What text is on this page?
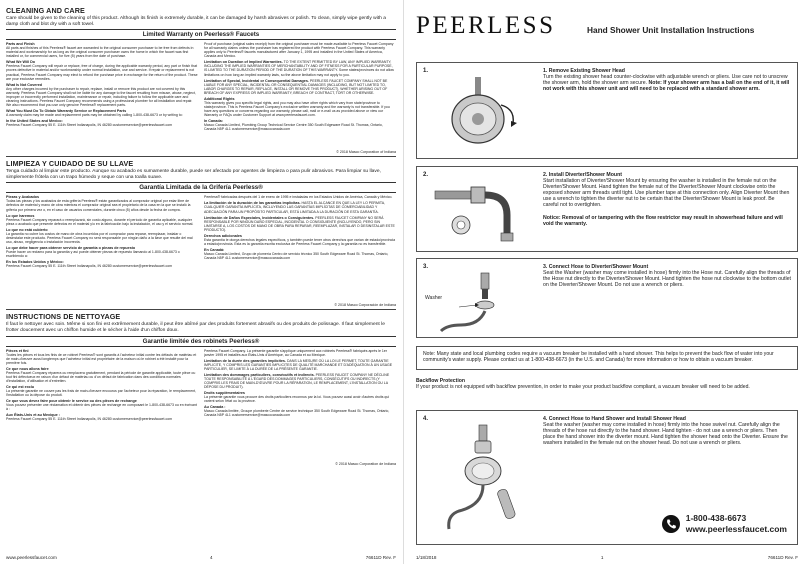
CLEANING AND CARE
Care should be given to the cleaning of this product. Although its finish is extremely durable, it can be damaged by harsh abrasives or polish. To clean, simply wipe gently with a damp cloth and blot dry with a soft towel.
Limited Warranty on Peerless® Faucets

Parts and Finish
All parts and finishes of this Peerless® faucet are warranted to the original consumer purchaser to be free from defects in material and workmanship for as long as the original consumer purchaser owns the home in which the faucet was first installed or, for commercial users, for five (5) years from the date of purchase.

What We Will Do
Peerless Faucet Company will repair or replace, free of charge, during the applicable warranty period, any part or finish that proves defective in material and/or workmanship under normal installation, use and service. If repair or replacement is not practical, Peerless Faucet Company may elect to refund the purchase price in exchange for the return of the product. These are your exclusive remedies.

What Is Not Covered
Any other charges incurred by the purchaser to repair, replace, install or remove this product are not covered by this warranty. Peerless Faucet Company shall not be liable for any damage to the faucet resulting from misuse, abuse, neglect, improper or incorrectly performed installation, maintenance or repair, including failure to follow the applicable care and cleaning instructions. Peerless Faucet Company recommends using a professional plumber for all installation and repair. We also recommend that you use only genuine Peerless® replacement parts.

What You Must Do To Obtain Warranty Service or Replacement Parts
A warranty claim may be made and replacement parts may be obtained by calling 1-800-438-6673 or by writing to:

In the United States and Mexico:
Peerless Faucet Company 55 E. 111th Street Indianapolis, IN 46280 customerservice@peerlessfaucet.com

Proof of purchase (original sales receipt) from the original purchaser must be made available to Peerless Faucet Company for all warranty claims unless the purchaser has registered the product with Peerless Faucet Company. This warranty applies only to Peerless® faucets manufactured after January 1, 1995 and installed in the United States of America, Canada and Mexico.

Limitation on Duration of Implied Warranties. TO THE EXTENT PERMITTED BY LAW, ANY IMPLIED WARRANTY, INCLUDING THE IMPLIED WARRANTIES OF MERCHANTABILITY AND OF FITNESS FOR A PARTICULAR PURPOSE, IS LIMITED TO THE DURATION PERIOD OF THE DURATION OF THIS WARRANTY. Some states/provinces do not allow limitations on how long an implied warranty lasts, so the above limitation may not apply to you.

Limitation of Special, Incidental or Consequential Damages. PEERLESS FAUCET COMPANY SHALL NOT BE LIABLE FOR ANY SPECIAL, INCIDENTAL OR CONSEQUENTIAL DAMAGES (INCLUDING, BUT NOT LIMITED TO, LABOR CHARGES TO REPAIR, REPLACE, INSTALL OR REMOVE THIS PRODUCT), WHETHER ARISING OUT OF BREACH OF ANY EXPRESS OR IMPLIED WARRANTY, BREACH OF CONTRACT, TORT OR OTHERWISE.

Additional Rights
This warranty gives you specific legal rights, and you may also have other rights which vary from state/province to state/province. This is Peerless Faucet Company's exclusive written warranty and the warranty is not transferable. If you have any questions or concerns regarding our warranty, please call, mail or e-mail us as provided above or view our Warranty or FAQs under Customer Support at www.peerlessfaucet.com.

In Canada:
Masco Canada Limited, Plumbing Group Technical Service Centre 350 South Edgeware Road St. Thomas, Ontario, Canada N5P 4L1 customerservice@mascocanada.com

© 2018 Masco Corporation of Indiana
LIMPIEZA Y CUIDADO DE SU LLAVE
Tenga cuidado al limpiar este producto. Aunque su acabado es sumamente durable, puede ser afectado por agentes de limpieza o para pulir abrasivos. Para limpiar su llave, simplemente frótela con un trapo húmedo y seque con una toalla suave.
Garantía Limitada de la Grifería Peerless®

Piezas y Acabados
Todas las piezas y los acabados de esta grifería Peerless® están garantizados al comprador original por estar libre de defectos de material y mano de obra mientras el comprador original sea el propietario de la casa en la que se instaló la grifería por primera vez o, en el caso de usuarios comerciales, durante cinco (5) años desde la fecha de compra.

Lo que haremos
Peerless Faucet Company reparará o reemplazará, sin costo alguno, durante el período de garantía aplicable, cualquier pieza o acabado que presente defectos en el material y/o en la fabricación bajo la instalación, el uso y el servicio normal.

Lo que no está cubierto
La garantía no cubre los costos de mano de obra incurridos por el comprador para reparar, reemplazar, instalar o desinstalar este producto. Peerless Faucet Company no será responsable por ningún daño a la llave que resulte del mal uso, abuso, negligencia o instalación incorrecta.

Lo que debe hacer para obtener servicio de garantía o piezas de repuesto
Puede hacer un reclamo para la garantía y así puede obtener piezas de repuesto llamando al 1-800-438-6673 o escribiendo a:

En los Estados Unidos y México:
Peerless Faucet Company 55 E. 111th Street Indianapolis, IN 46280 customerservice@peerlessfaucet.com

Peerless® fabricadas después del 1 de enero de 1995 e instaladas en los Estados Unidos de América, Canadá y México.

La limitación de la duración de las garantías implícitas. HASTA EL ALCANCE EN QUE LA LEY LO PERMITA, CUALQUIER GARANTÍA IMPLÍCITA, INCLUYENDO LAS GARANTÍAS IMPLÍCITAS DE COMERCIABILIDAD Y ADECUACIÓN PARA UN PROPÓSITO PARTICULAR, ESTÁ LIMITADA A LA DURACIÓN DE ESTA GARANTÍA.

Limitación de Daños Especiales, Incidentales o Consiguientes. PEERLESS FAUCET COMPANY NO SERÁ RESPONSABLE POR NINGÚN DAÑO ESPECIAL, INCIDENTAL O CONSIGUIENTE (INCLUYENDO, PERO SIN LIMITARSE A, LOS COSTOS DE MANO DE OBRA PARA REPARAR, REEMPLAZAR, INSTALAR O DESINSTALAR ESTE PRODUCTO).

Derechos adicionales
Esta garantía le otorga derechos legales específicos, y también puede tener otros derechos que varían de estado/provincia a estado/provincia. Esta es la garantía escrita exclusiva de Peerless Faucet Company y la garantía no es transferible.

En Canadá:
Masco Canada Limited, Grupo de plomería Centro de servicio técnico 350 South Edgeware Road St. Thomas, Ontario, Canada N5P 4L1 customerservice@mascocanada.com

© 2018 Masco Corporación de Indiana
INSTRUCTIONS DE NETTOYAGE
Il faut le nettoyer avec soin. Même si son fini est extrêmement durable, il peut être abîmé par des produits fortement abrasifs ou des produits de polissage. Il faut simplement le frotter doucement avec un chiffon humide et le sécher à l'aide d'un chiffon doux.
Garantie limitée des robinets Peerless®

Pièces et fini
Toutes les pièces et tous les finis de ce robinet Peerless® sont garantis à l'acheteur initial contre les défauts de matériau et de main-d'œuvre aussi longtemps que l'acheteur initial est propriétaire de la maison où le robinet a été installé pour la première fois.

Ce que nous allons faire
Peerless Faucet Company réparera ou remplacera gratuitement, pendant la période de garantie applicable, toute pièce ou tout fini défectueux en raison d'un défaut de matériau ou d'un défaut de fabrication dans des conditions normales d'installation, d'utilisation et d'entretien.

Ce qui est exclu
La présente garantie ne couvre pas les frais de main-d'œuvre encourus par l'acheteur pour la réparation, le remplacement, l'installation ou la dépose du produit.

Ce que vous devez faire pour obtenir le service ou des pièces de rechange
Vous pouvez présenter une réclamation et obtenir des pièces de rechange en composant le 1-800-438-6673 ou en écrivant à :

Aux États-Unis et au Mexique :
Peerless Faucet Company 55 E. 111th Street Indianapolis, IN 46280 customerservice@peerlessfaucet.com

Peerless Faucet Company. La présente garantie s'applique uniquement aux robinets Peerless® fabriqués après le 1er janvier 1995 et installés aux États-Unis d'Amérique, au Canada et au Mexique.

Limitation de la durée des garanties implicites. DANS LA MESURE OÙ LA LOI LE PERMET, TOUTE GARANTIE IMPLICITE, Y COMPRIS LES GARANTIES IMPLICITES DE QUALITÉ MARCHANDE ET D'ADÉQUATION À UN USAGE PARTICULIER, SE LIMITE À LA DURÉE DE LA PRÉSENTE GARANTIE.

Limitation des dommages particuliers, consécutifs et indirects. PEERLESS FAUCET COMPANY NE DÉCLINE TOUTE RESPONSABILITÉ À L'ÉGARD DES DOMMAGES PARTICULIERS, CONSÉCUTIFS OU INDIRECTS (Y COMPRIS LES FRAIS DE MAIN-D'ŒUVRE POUR LA RÉPARATION, LE REMPLACEMENT, L'INSTALLATION OU LA DÉPOSE DU PRODUIT).

Droits supplémentaires
La présente garantie vous procure des droits particuliers reconnus par la loi. Vous pouvez aussi avoir d'autres droits qui varient selon l'état ou la province.

Au Canada :
Masco Canada limitée, Groupe plomberie Centre de service technique 350 South Edgeware Road St. Thomas, Ontario, Canada N5P 4L1 customerservice@mascocanada.com

© 2018 Masco Corporation de Indiana
www.peerlessfaucet.com	4	76611D Rev. F
PEERLESS	Hand Shower Unit Installation Instructions
1.	1. Remove Existing Shower Head
Turn the existing shower head counter-clockwise with adjustable wrench or pliers. Use care not to unscrew the shower arm, hold the shower arm secure. Note: If your shower arm has a ball on the end of it, it will not work with this shower unit and will need to be replaced with a standard shower arm.
2.	2. Install Diverter/Shower Mount
Start installation of Diverter/Shower Mount by ensuring the washer is installed in the female nut on the Diverter/Shower Mount. Hand tighten the female nut of the Diverter/Shower Mount clockwise onto the exposed shower arm threads until tight. Use plumber tape at this connection only. Align Diverter Mount then use a wrench to tighten the diverter nut to be certain that the Diverter/Shower Mount is leak proof. Be careful not to overtighten.

Notice: Removal of or tampering with the flow restrictor may result in showerhead failure and will void the warranty.
3.
Washer
3. Connect Hose to Diverter/Shower Mount
Seat the Washer (washer may come installed in hose) firmly into the Hose nut. Carefully align the threads of the Hose nut directly to the Diverter/Shower Mount. Hand tighten the hose nut clockwise to the bottom outlet on the Diverter/Shower Mount. Do not use a wrench or pliers.
Note: Many state and local plumbing codes require a vacuum breaker be installed with a hand shower. This helps to prevent the back flow of water into your community's water supply. Please contact us at 1-800-438-6673 (in the U.S. and Canada) for more information or how to obtain a vacuum breaker.
Backflow Protection
If your product is not equipped with backflow prevention, in order to make your product backflow compliant, a vacuum breaker will need to be added.
4.	4. Connect Hose to Hand Shower and Install Shower Head
Seat the washer (washer may come installed in hose) firmly into the hose swivel nut. Carefully align the threads of the hose nut directly to the hand shower. Hand tighten - do not use a wrench or pliers. Then place the hand shower into the diverter mount. Hand tighten the shower head onto the Diverter. Ensure the washers installed in the female nut on the shower head. Do not use a wrench or pliers.
1-800-438-6673
www.peerlessfaucet.com
1/18/2018	1	76611D Rev. F
